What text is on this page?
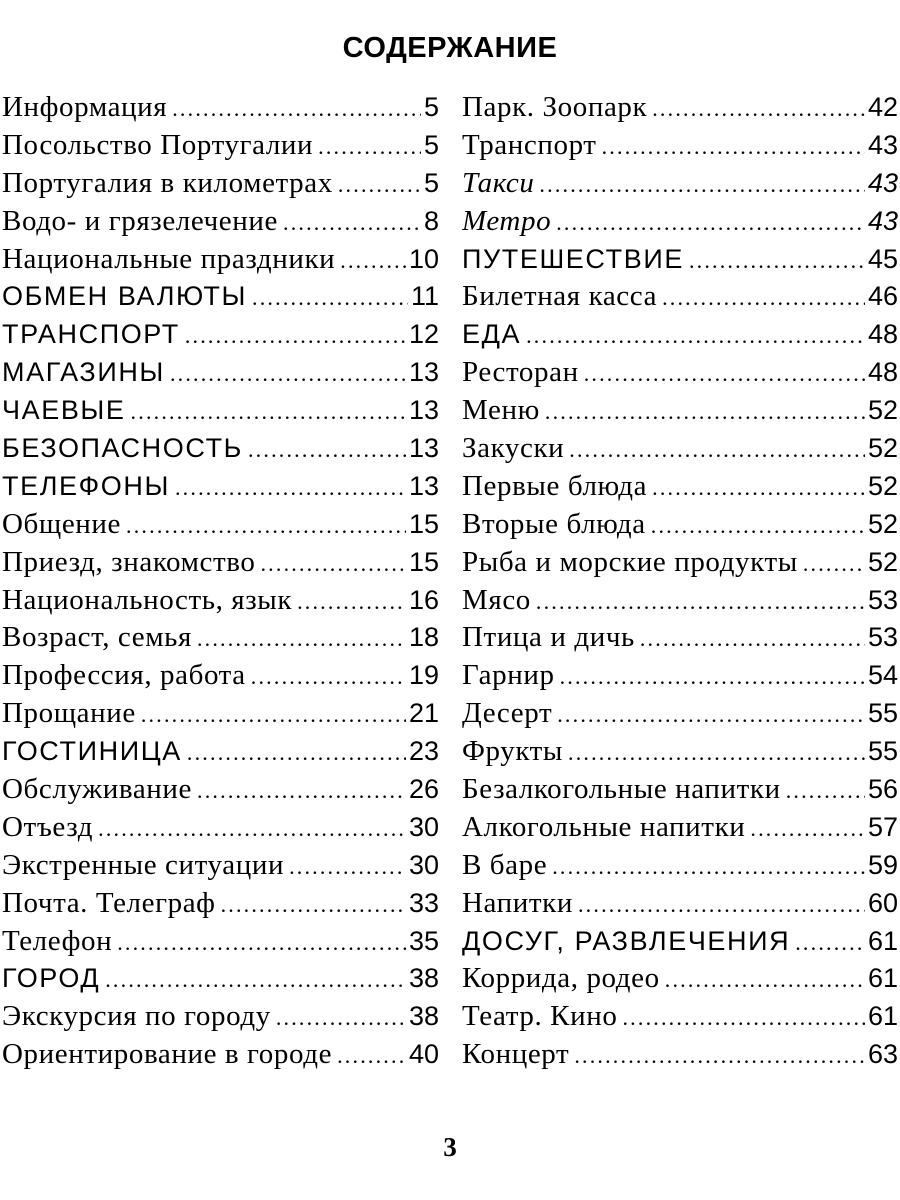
СОДЕРЖАНИЕ
Информация .....	5
Посольство Португалии .....	5
Португалия в километрах .....	5
Водо- и грязелечение .....	8
Национальные праздники .....	10
ОБМЕН ВАЛЮТЫ .....	11
ТРАНСПОРТ .....	12
МАГАЗИНЫ .....	13
ЧАЕВЫЕ .....	13
БЕЗОПАСНОСТЬ .....	13
ТЕЛЕФОНЫ .....	13
Общение .....	15
Приезд, знакомство .....	15
Национальность, язык .....	16
Возраст, семья .....	18
Профессия, работа .....	19
Прощание .....	21
ГОСТИНИЦА .....	23
Обслуживание .....	26
Отъезд .....	30
Экстренные ситуации .....	30
Почта. Телеграф .....	33
Телефон .....	35
ГОРОД .....	38
Экскурсия по городу .....	38
Ориентирование в городе .....	40
Парк. Зоопарк .....	42
Транспорт .....	43
Такси .....	43
Метро .....	43
ПУТЕШЕСТВИЕ .....	45
Билетная касса .....	46
ЕДА .....	48
Ресторан .....	48
Меню .....	52
Закуски .....	52
Первые блюда .....	52
Вторые блюда .....	52
Рыба и морские продукты .....	52
Мясо .....	53
Птица и дичь .....	53
Гарнир .....	54
Десерт .....	55
Фрукты .....	55
Безалкогольные напитки .....	56
Алкогольные напитки .....	57
В баре .....	59
Напитки .....	60
ДОСУГ, РАЗВЛЕЧЕНИЯ .....	61
Коррида, родео .....	61
Театр. Кино .....	61
Концерт .....	63
3
